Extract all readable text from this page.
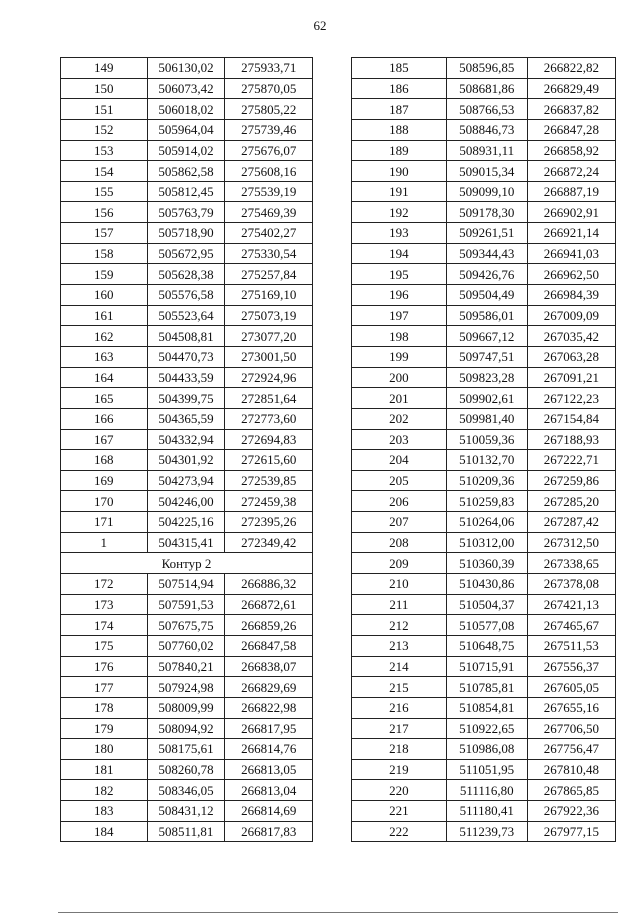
62
149	506130,02	275933,71
150	506073,42	275870,05
151	506018,02	275805,22
152	505964,04	275739,46
153	505914,02	275676,07
154	505862,58	275608,16
155	505812,45	275539,19
156	505763,79	275469,39
157	505718,90	275402,27
158	505672,95	275330,54
159	505628,38	275257,84
160	505576,58	275169,10
161	505523,64	275073,19
162	504508,81	273077,20
163	504470,73	273001,50
164	504433,59	272924,96
165	504399,75	272851,64
166	504365,59	272773,60
167	504332,94	272694,83
168	504301,92	272615,60
169	504273,94	272539,85
170	504246,00	272459,38
171	504225,16	272395,26
1	504315,41	272349,42
Контур 2		
172	507514,94	266886,32
173	507591,53	266872,61
174	507675,75	266859,26
175	507760,02	266847,58
176	507840,21	266838,07
177	507924,98	266829,69
178	508009,99	266822,98
179	508094,92	266817,95
180	508175,61	266814,76
181	508260,78	266813,05
182	508346,05	266813,04
183	508431,12	266814,69
184	508511,81	266817,83
185	508596,85	266822,82
186	508681,86	266829,49
187	508766,53	266837,82
188	508846,73	266847,28
189	508931,11	266858,92
190	509015,34	266872,24
191	509099,10	266887,19
192	509178,30	266902,91
193	509261,51	266921,14
194	509344,43	266941,03
195	509426,76	266962,50
196	509504,49	266984,39
197	509586,01	267009,09
198	509667,12	267035,42
199	509747,51	267063,28
200	509823,28	267091,21
201	509902,61	267122,23
202	509981,40	267154,84
203	510059,36	267188,93
204	510132,70	267222,71
205	510209,36	267259,86
206	510259,83	267285,20
207	510264,06	267287,42
208	510312,00	267312,50
209	510360,39	267338,65
210	510430,86	267378,08
211	510504,37	267421,13
212	510577,08	267465,67
213	510648,75	267511,53
214	510715,91	267556,37
215	510785,81	267605,05
216	510854,81	267655,16
217	510922,65	267706,50
218	510986,08	267756,47
219	511051,95	267810,48
220	511116,80	267865,85
221	511180,41	267922,36
222	511239,73	267977,15
